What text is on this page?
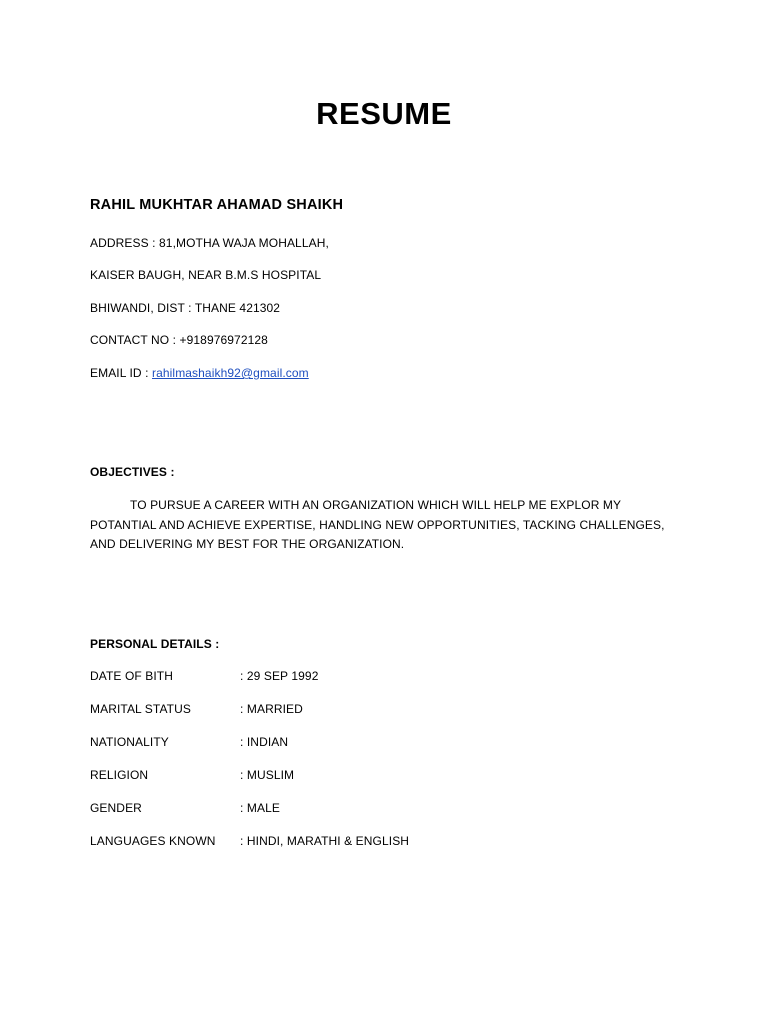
RESUME
RAHIL MUKHTAR AHAMAD SHAIKH
ADDRESS : 81,MOTHA WAJA MOHALLAH,
KAISER BAUGH, NEAR B.M.S HOSPITAL
BHIWANDI, DIST : THANE 421302
CONTACT NO : +918976972128
EMAIL ID : rahilmashaikh92@gmail.com
OBJECTIVES :
TO PURSUE A CAREER WITH AN ORGANIZATION WHICH WILL HELP ME EXPLOR MY POTANTIAL AND ACHIEVE EXPERTISE, HANDLING NEW OPPORTUNITIES, TACKING CHALLENGES, AND DELIVERING MY BEST FOR THE ORGANIZATION.
PERSONAL DETAILS :
DATE OF BITH	: 29 SEP 1992
MARITAL STATUS	: MARRIED
NATIONALITY	: INDIAN
RELIGION	: MUSLIM
GENDER	: MALE
LANGUAGES KNOWN : HINDI, MARATHI & ENGLISH
